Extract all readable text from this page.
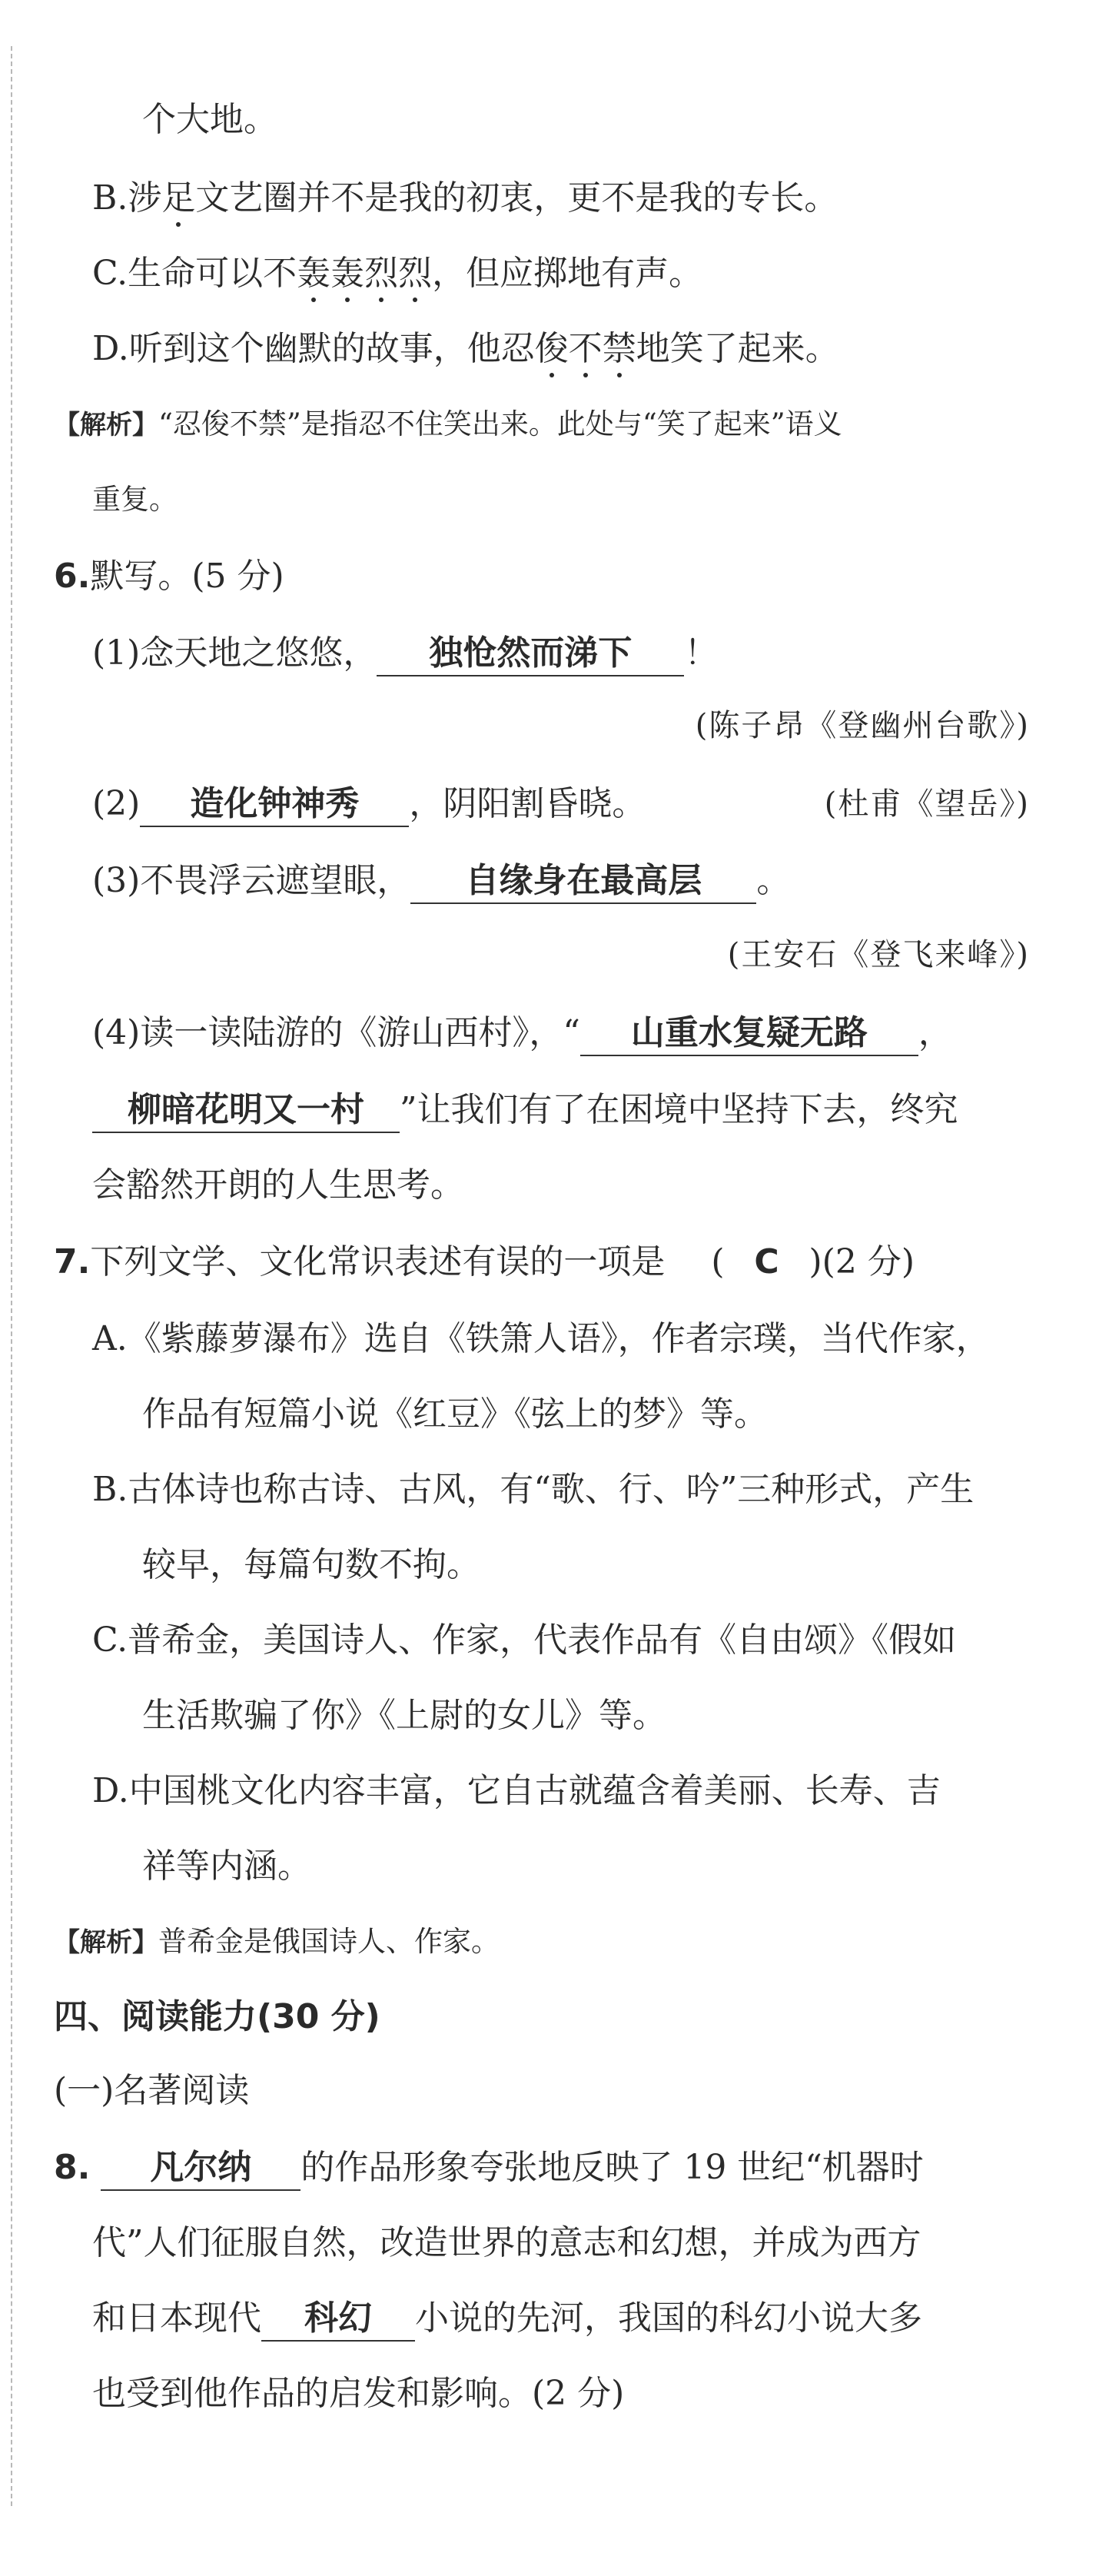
个大地。
B.涉足文艺圈并不是我的初衷，更不是我的专长。
C.生命可以不轰轰烈烈，但应掷地有声。
D.听到这个幽默的故事，他忍俊不禁地笑了起来。
【解析】“忍俊不禁”是指忍不住笑出来。此处与“笑了起来”语义
重复。
6.默写。(5 分)
(1)念天地之悠悠， 独怆然而涕下 ！
(陈子昂《登幽州台歌》)
(2) 造化钟神秀 ，阴阳割昏晓。	(杜甫《望岳》)
(3)不畏浮云遮望眼， 自缘身在最高层 。
(王安石《登飞来峰》)
(4)读一读陆游的《游山西村》，“ 山重水复疑无路 ，
柳暗花明又一村 ”让我们有了在困境中坚持下去，终究
会豁然开朗的人生思考。
7.下列文学、文化常识表述有误的一项是 ( C )(2 分)
A.《紫藤萝瀑布》选自《铁箫人语》，作者宗璞，当代作家，
作品有短篇小说《红豆》《弦上的梦》等。
B.古体诗也称古诗、古风，有“歌、行、吟”三种形式，产生
较早，每篇句数不拘。
C.普希金，美国诗人、作家，代表作品有《自由颂》《假如
生活欺骗了你》《上尉的女儿》等。
D.中国桃文化内容丰富，它自古就蕴含着美丽、长寿、吉
祥等内涵。
【解析】普希金是俄国诗人、作家。
四、阅读能力(30 分)
(一)名著阅读
8. 凡尔纳 的作品形象夸张地反映了 19 世纪“机器时
代”人们征服自然，改造世界的意志和幻想，并成为西方
和日本现代 科幻 小说的先河，我国的科幻小说大多
也受到他作品的启发和影响。(2 分)
